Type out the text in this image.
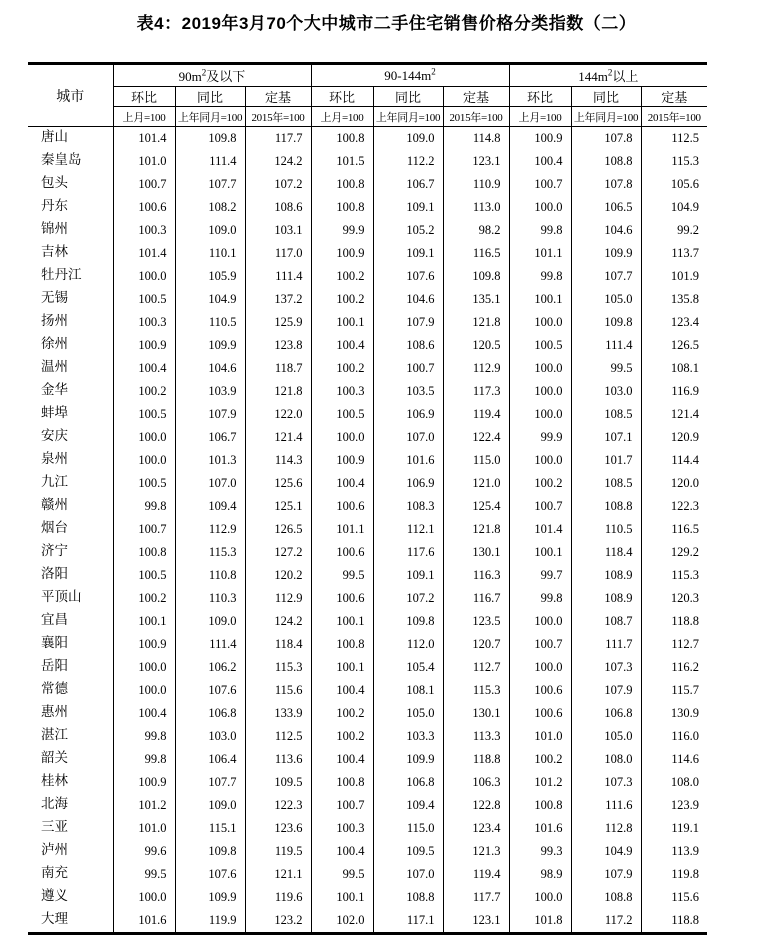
表4：2019年3月70个大中城市二手住宅销售价格分类指数（二）
城市	$90m^2$及以下			$90-144m^2$			$144m^2$以上		
	环比	同比	定基	环比	同比	定基	环比	同比	定基
	上月=100	上年同月=100	2015年=100	上月=100	上年同月=100	2015年=100	上月=100	上年同月=100	2015年=100
唐山	101.4	109.8	117.7	100.8	109.0	114.8	100.9	107.8	112.5
秦皇岛	101.0	111.4	124.2	101.5	112.2	123.1	100.4	108.8	115.3
包头	100.7	107.7	107.2	100.8	106.7	110.9	100.7	107.8	105.6
丹东	100.6	108.2	108.6	100.8	109.1	113.0	100.0	106.5	104.9
锦州	100.3	109.0	103.1	99.9	105.2	98.2	99.8	104.6	99.2
吉林	101.4	110.1	117.0	100.9	109.1	116.5	101.1	109.9	113.7
牡丹江	100.0	105.9	111.4	100.2	107.6	109.8	99.8	107.7	101.9
无锡	100.5	104.9	137.2	100.2	104.6	135.1	100.1	105.0	135.8
扬州	100.3	110.5	125.9	100.1	107.9	121.8	100.0	109.8	123.4
徐州	100.9	109.9	123.8	100.4	108.6	120.5	100.5	111.4	126.5
温州	100.4	104.6	118.7	100.2	100.7	112.9	100.0	99.5	108.1
金华	100.2	103.9	121.8	100.3	103.5	117.3	100.0	103.0	116.9
蚌埠	100.5	107.9	122.0	100.5	106.9	119.4	100.0	108.5	121.4
安庆	100.0	106.7	121.4	100.0	107.0	122.4	99.9	107.1	120.9
泉州	100.0	101.3	114.3	100.9	101.6	115.0	100.0	101.7	114.4
九江	100.5	107.0	125.6	100.4	106.9	121.0	100.2	108.5	120.0
赣州	99.8	109.4	125.1	100.6	108.3	125.4	100.7	108.8	122.3
烟台	100.7	112.9	126.5	101.1	112.1	121.8	101.4	110.5	116.5
济宁	100.8	115.3	127.2	100.6	117.6	130.1	100.1	118.4	129.2
洛阳	100.5	110.8	120.2	99.5	109.1	116.3	99.7	108.9	115.3
平顶山	100.2	110.3	112.9	100.6	107.2	116.7	99.8	108.9	120.3
宜昌	100.1	109.0	124.2	100.1	109.8	123.5	100.0	108.7	118.8
襄阳	100.9	111.4	118.4	100.8	112.0	120.7	100.7	111.7	112.7
岳阳	100.0	106.2	115.3	100.1	105.4	112.7	100.0	107.3	116.2
常德	100.0	107.6	115.6	100.4	108.1	115.3	100.6	107.9	115.7
惠州	100.4	106.8	133.9	100.2	105.0	130.1	100.6	106.8	130.9
湛江	99.8	103.0	112.5	100.2	103.3	113.3	101.0	105.0	116.0
韶关	99.8	106.4	113.6	100.4	109.9	118.8	100.2	108.0	114.6
桂林	100.9	107.7	109.5	100.8	106.8	106.3	101.2	107.3	108.0
北海	101.2	109.0	122.3	100.7	109.4	122.8	100.8	111.6	123.9
三亚	101.0	115.1	123.6	100.3	115.0	123.4	101.6	112.8	119.1
泸州	99.6	109.8	119.5	100.4	109.5	121.3	99.3	104.9	113.9
南充	99.5	107.6	121.1	99.5	107.0	119.4	98.9	107.9	119.8
遵义	100.0	109.9	119.6	100.1	108.8	117.7	100.0	108.8	115.6
大理	101.6	119.9	123.2	102.0	117.1	123.1	101.8	117.2	118.8
